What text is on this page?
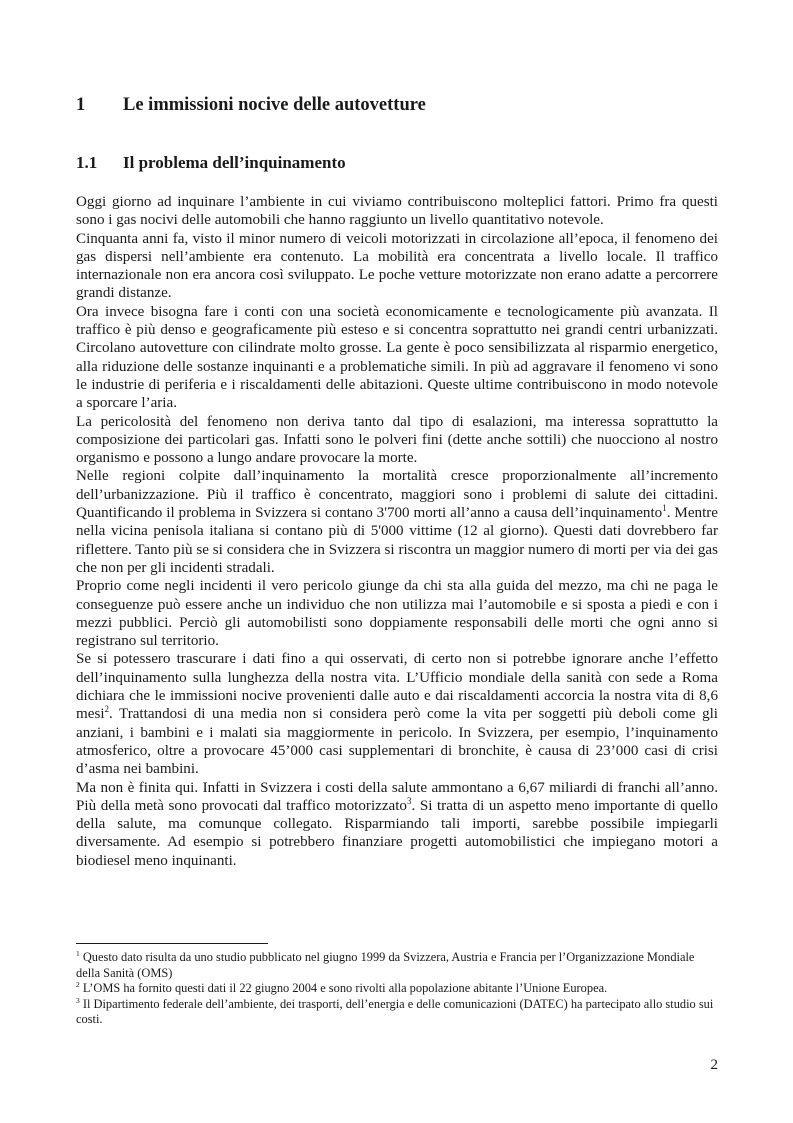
1 Le immissioni nocive delle autovetture
1.1 Il problema dell’inquinamento

Oggi giorno ad inquinare l’ambiente in cui viviamo contribuiscono molteplici fattori. Primo fra questi sono i gas nocivi delle automobili che hanno raggiunto un livello quantitativo notevole.

Cinquanta anni fa, visto il minor numero di veicoli motorizzati in circolazione all’epoca, il fenomeno dei gas dispersi nell’ambiente era contenuto. La mobilità era concentrata a livello locale. Il traffico internazionale non era ancora così sviluppato. Le poche vetture motorizzate non erano adatte a percorrere grandi distanze.

Ora invece bisogna fare i conti con una società economicamente e tecnologicamente più avanzata. Il traffico è più denso e geograficamente più esteso e si concentra soprattutto nei grandi centri urbanizzati. Circolano autovetture con cilindrate molto grosse. La gente è poco sensibilizzata al risparmio energetico, alla riduzione delle sostanze inquinanti e a problematiche simili. In più ad aggravare il fenomeno vi sono le industrie di periferia e i riscaldamenti delle abitazioni. Queste ultime contribuiscono in modo notevole a sporcare l’aria.

La pericolosità del fenomeno non deriva tanto dal tipo di esalazioni, ma interessa soprattutto la composizione dei particolari gas. Infatti sono le polveri fini (dette anche sottili) che nuocciono al nostro organismo e possono a lungo andare provocare la morte.

Nelle regioni colpite dall’inquinamento la mortalità cresce proporzionalmente all’incremento dell’urbanizzazione. Più il traffico è concentrato, maggiori sono i problemi di salute dei cittadini. Quantificando il problema in Svizzera si contano 3'700 morti all’anno a causa dell’inquinamento$^1$. Mentre nella vicina penisola italiana si contano più di 5'000 vittime (12 al giorno). Questi dati dovrebbero far riflettere. Tanto più se si considera che in Svizzera si riscontra un maggior numero di morti per via dei gas che non per gli incidenti stradali.

Proprio come negli incidenti il vero pericolo giunge da chi sta alla guida del mezzo, ma chi ne paga le conseguenze può essere anche un individuo che non utilizza mai l’automobile e si sposta a piedi e con i mezzi pubblici. Perciò gli automobilisti sono doppiamente responsabili delle morti che ogni anno si registrano sul territorio.

Se si potessero trascurare i dati fino a qui osservati, di certo non si potrebbe ignorare anche l’effetto dell’inquinamento sulla lunghezza della nostra vita. L’Ufficio mondiale della sanità con sede a Roma dichiara che le immissioni nocive provenienti dalle auto e dai riscaldamenti accorcia la nostra vita di 8,6 mesi$^2$. Trattandosi di una media non si considera però come la vita per soggetti più deboli come gli anziani, i bambini e i malati sia maggiormente in pericolo. In Svizzera, per esempio, l’inquinamento atmosferico, oltre a provocare 45’000 casi supplementari di bronchite, è causa di 23’000 casi di crisi d’asma nei bambini.

Ma non è finita qui. Infatti in Svizzera i costi della salute ammontano a 6,67 miliardi di franchi all’anno. Più della metà sono provocati dal traffico motorizzato$^3$. Si tratta di un aspetto meno importante di quello della salute, ma comunque collegato. Risparmiando tali importi, sarebbe possibile impiegarli diversamente. Ad esempio si potrebbero finanziare progetti automobilistici che impiegano motori a biodiesel meno inquinanti.

$^1$ Questo dato risulta da uno studio pubblicato nel giugno 1999 da Svizzera, Austria e Francia per l’Organizzazione Mondiale della Sanità (OMS)

$^2$ L’OMS ha fornito questi dati il 22 giugno 2004 e sono rivolti alla popolazione abitante l’Unione Europea.

$^3$ Il Dipartimento federale dell’ambiente, dei trasporti, dell’energia e delle comunicazioni (DATEC) ha partecipato allo studio sui costi.

2
